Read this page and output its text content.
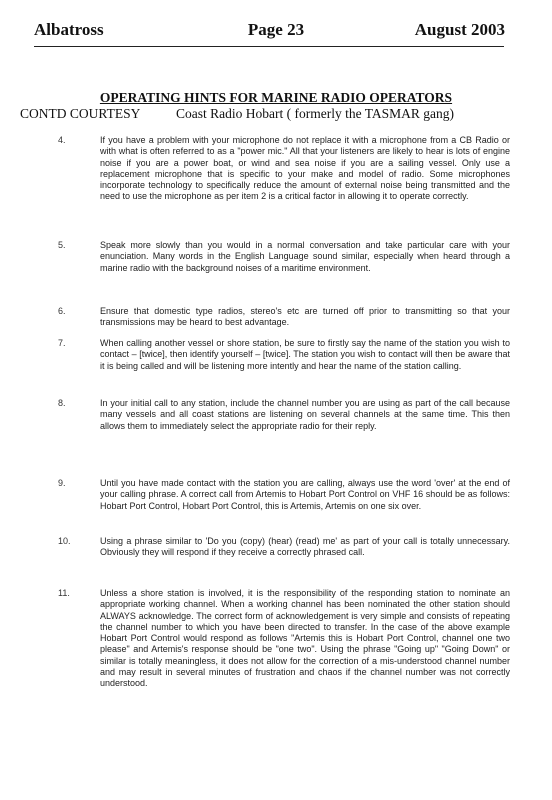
Page 23
Albatross	August 2003
OPERATING HINTS FOR MARINE RADIO OPERATORS
CONTD COURTESY	Coast Radio Hobart ( formerly the TASMAR gang)
4.	If you have a problem with your microphone do not replace it with a microphone from a CB Radio or with what is often referred to as a "power mic." All that your listeners are likely to hear is lots of engine noise if you are a power boat, or wind and sea noise if you are a sailing vessel. Only use a replacement microphone that is specific to your make and model of radio. Some microphones incorporate technology to specifically reduce the amount of external noise being transmitted and the need to use the microphone as per item 2 is a critical factor in allowing it to operate correctly.

5.	Speak more slowly than you would in a normal conversation and take particular care with your enunciation. Many words in the English Language sound similar, especially when heard through a marine radio with the background noises of a maritime environment.

6.	Ensure that domestic type radios, stereo's etc are turned off prior to transmitting so that your transmissions may be heard to best advantage.

7.	When calling another vessel or shore station, be sure to firstly say the name of the station you wish to contact – [twice], then identify yourself – [twice]. The station you wish to contact will then be aware that it is being called and will be listening more intently and hear the name of the station calling.

8.	In your initial call to any station, include the channel number you are using as part of the call because many vessels and all coast stations are listening on several channels at the same time. This then allows them to immediately select the appropriate radio for their reply.

9.	Until you have made contact with the station you are calling, always use the word 'over' at the end of your calling phrase. A correct call from Artemis to Hobart Port Control on VHF 16 should be as follows: Hobart Port Control, Hobart Port Control, this is Artemis, Artemis on one six over.

10.	Using a phrase similar to 'Do you (copy) (hear) (read) me' as part of your call is totally unnecessary. Obviously they will respond if they receive a correctly phrased call.

11.	Unless a shore station is involved, it is the responsibility of the responding station to nominate an appropriate working channel. When a working channel has been nominated the other station should ALWAYS acknowledge. The correct form of acknowledgement is very simple and consists of repeating the channel number to which you have been directed to transfer. In the case of the above example Hobart Port Control would respond as follows "Artemis this is Hobart Port Control, channel one two please" and Artemis's response should be "one two". Using the phrase "Going up" "Going Down" or similar is totally meaningless, it does not allow for the correction of a mis-understood channel number and may result in several minutes of frustration and chaos if the channel number was not correctly understood.
